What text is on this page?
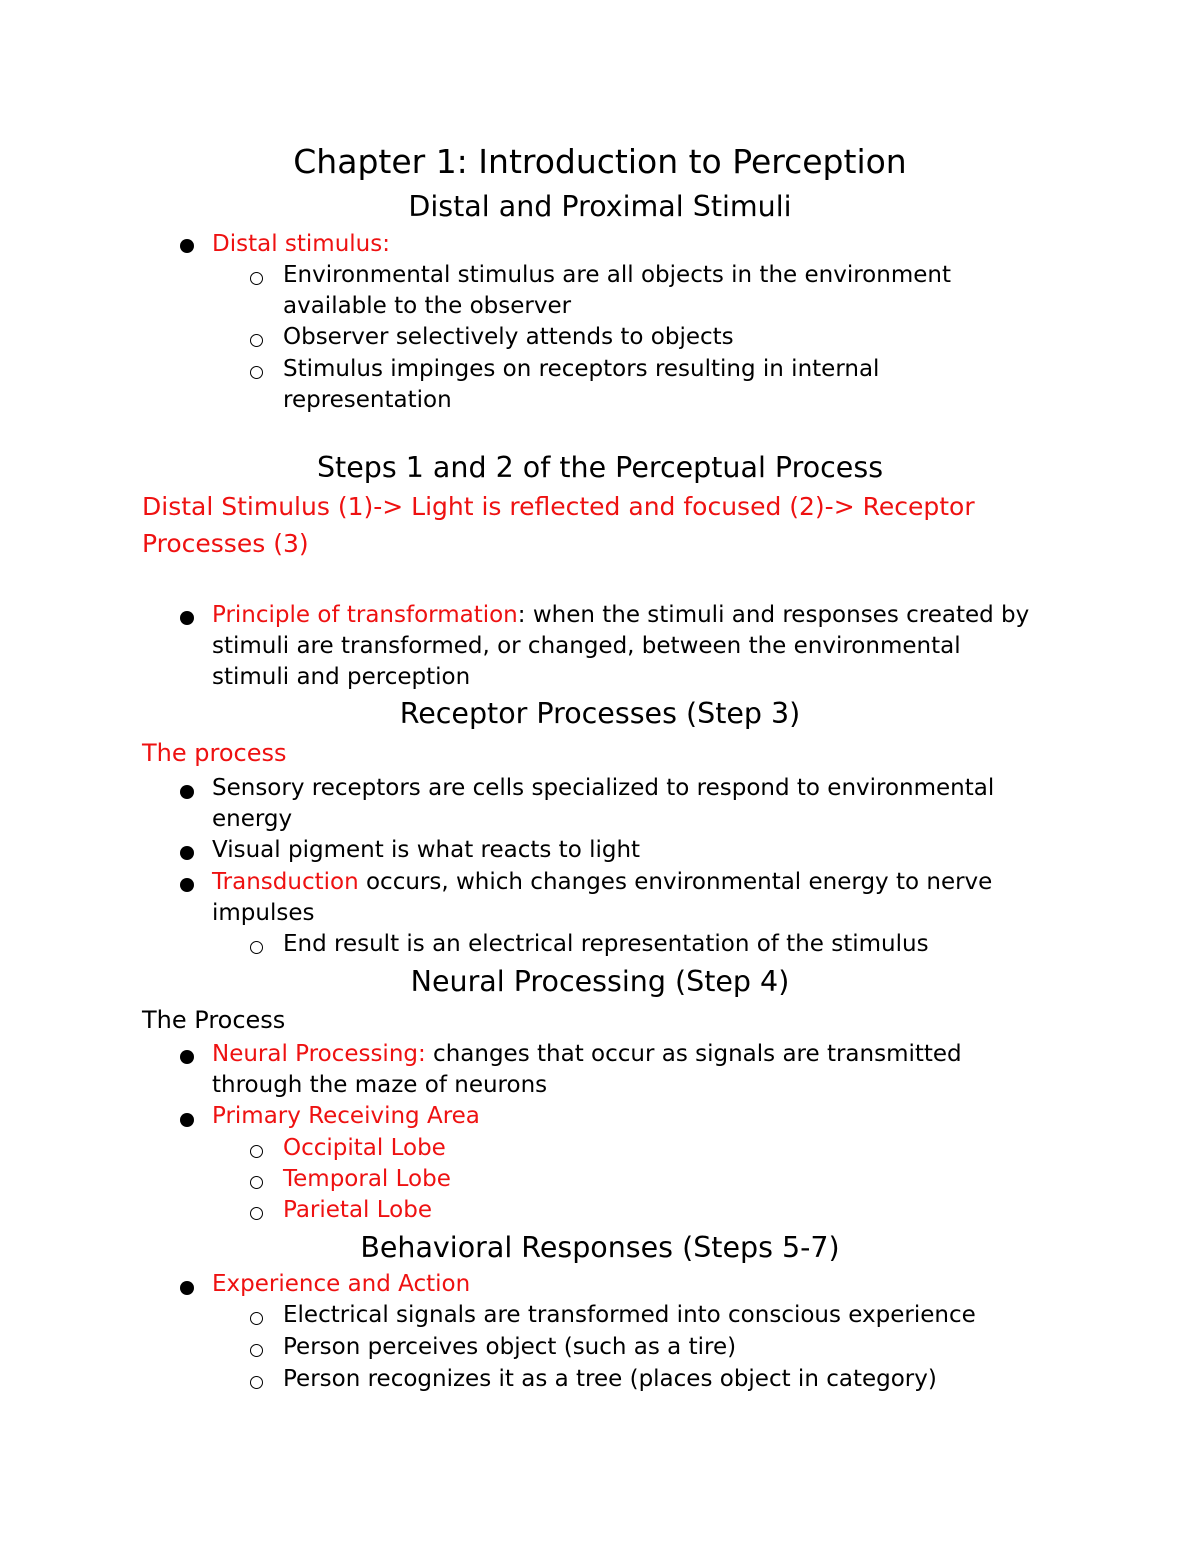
Chapter 1: Introduction to Perception
Distal and Proximal Stimuli
Distal stimulus:
Environmental stimulus are all objects in the environment
available to the observer
Observer selectively attends to objects
Stimulus impinges on receptors resulting in internal
representation
Steps 1 and 2 of the Perceptual Process
Distal Stimulus (1)-> Light is reflected and focused (2)-> Receptor
Processes (3)
Principle of transformation: when the stimuli and responses created by
stimuli are transformed, or changed, between the environmental
stimuli and perception
Receptor Processes (Step 3)
The process
Sensory receptors are cells specialized to respond to environmental
energy
Visual pigment is what reacts to light
Transduction occurs, which changes environmental energy to nerve
impulses
End result is an electrical representation of the stimulus
Neural Processing (Step 4)
The Process
Neural Processing: changes that occur as signals are transmitted
through the maze of neurons
Primary Receiving Area
Occipital Lobe
Temporal Lobe
Parietal Lobe
Behavioral Responses (Steps 5-7)
Experience and Action
Electrical signals are transformed into conscious experience
Person perceives object (such as a tire)
Person recognizes it as a tree (places object in category)
